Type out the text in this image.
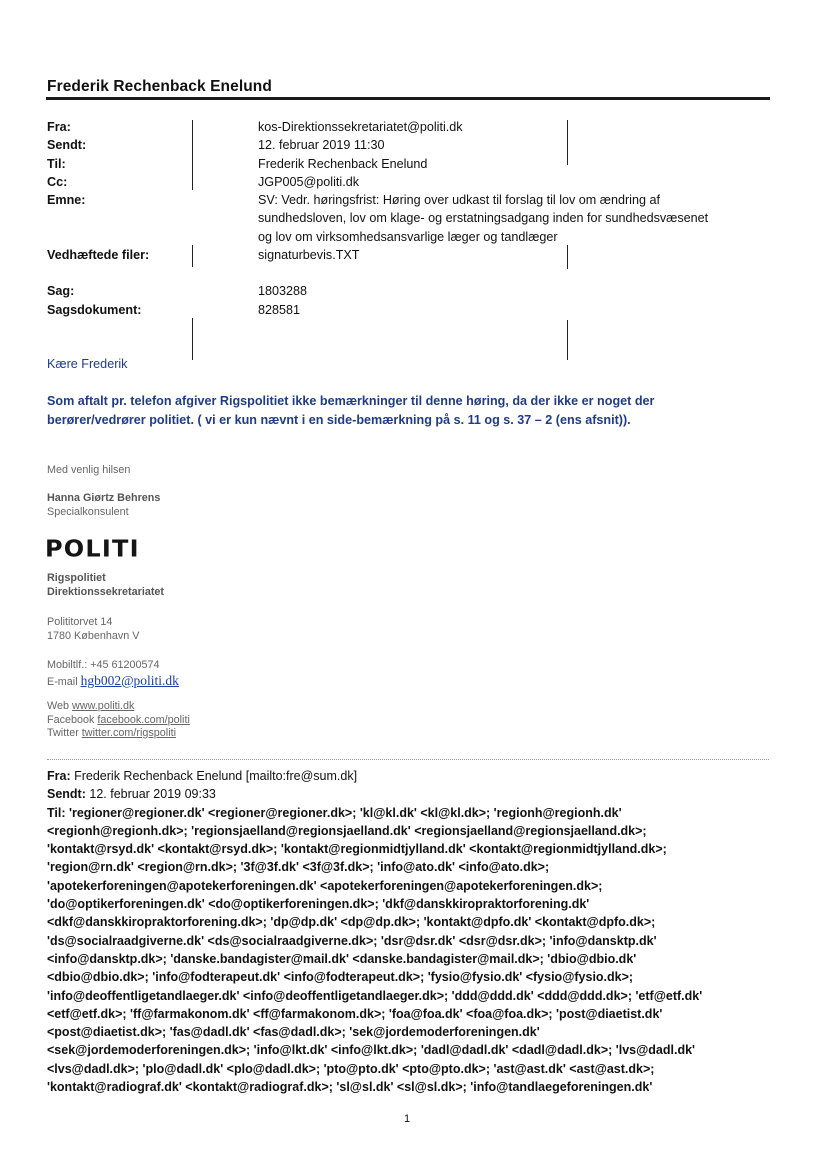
Frederik Rechenback Enelund
Fra:	kos-Direktionssekretariatet@politi.dk
Sendt:	12. februar 2019 11:30
Til:	Frederik Rechenback Enelund
Cc:	JGP005@politi.dk
Emne:	SV: Vedr. høringsfrist: Høring over udkast til forslag til lov om ændring af
sundhedsloven, lov om klage- og erstatningsadgang inden for sundhedsvæsenet
og lov om virksomhedsansvarlige læger og tandlæger
Vedhæftede filer:	signaturbevis.TXT
Sag:	1803288
Sagsdokument:	828581
Kære Frederik
Som aftalt pr. telefon afgiver Rigspolitiet ikke bemærkninger til denne høring, da der ikke er noget der
berører/vedrører politiet. ( vi er kun nævnt i en side-bemærkning på s. 11 og s. 37 – 2 (ens afsnit)).
Med venlig hilsen
Hanna Giørtz Behrens
Specialkonsulent
POLITI
Rigspolitiet
Direktionssekretariatet
Polititorvet 14
1780 København V
Mobiltlf.: +45 61200574
E-mail hgb002@politi.dk
Web www.politi.dk
Facebook facebook.com/politi
Twitter twitter.com/rigspoliti
Fra: Frederik Rechenback Enelund [mailto:fre@sum.dk]
Sendt: 12. februar 2019 09:33
Til: 'regioner@regioner.dk' <regioner@regioner.dk>; 'kl@kl.dk' <kl@kl.dk>; 'regionh@regionh.dk'
<regionh@regionh.dk>; 'regionsjaelland@regionsjaelland.dk' <regionsjaelland@regionsjaelland.dk>;
'kontakt@rsyd.dk' <kontakt@rsyd.dk>; 'kontakt@regionmidtjylland.dk' <kontakt@regionmidtjylland.dk>;
'region@rn.dk' <region@rn.dk>; '3f@3f.dk' <3f@3f.dk>; 'info@ato.dk' <info@ato.dk>;
'apotekerforeningen@apotekerforeningen.dk' <apotekerforeningen@apotekerforeningen.dk>;
'do@optikerforeningen.dk' <do@optikerforeningen.dk>; 'dkf@danskkiropraktorforening.dk'
<dkf@danskkiropraktorforening.dk>; 'dp@dp.dk' <dp@dp.dk>; 'kontakt@dpfo.dk' <kontakt@dpfo.dk>;
'ds@socialraadgiverne.dk' <ds@socialraadgiverne.dk>; 'dsr@dsr.dk' <dsr@dsr.dk>; 'info@dansktp.dk'
<info@dansktp.dk>; 'danske.bandagister@mail.dk' <danske.bandagister@mail.dk>; 'dbio@dbio.dk'
<dbio@dbio.dk>; 'info@fodterapeut.dk' <info@fodterapeut.dk>; 'fysio@fysio.dk' <fysio@fysio.dk>;
'info@deoffentligetandlaeger.dk' <info@deoffentligetandlaeger.dk>; 'ddd@ddd.dk' <ddd@ddd.dk>; 'etf@etf.dk'
<etf@etf.dk>; 'ff@farmakonom.dk' <ff@farmakonom.dk>; 'foa@foa.dk' <foa@foa.dk>; 'post@diaetist.dk'
<post@diaetist.dk>; 'fas@dadl.dk' <fas@dadl.dk>; 'sek@jordemoderforeningen.dk'
<sek@jordemoderforeningen.dk>; 'info@lkt.dk' <info@lkt.dk>; 'dadl@dadl.dk' <dadl@dadl.dk>; 'lvs@dadl.dk'
<lvs@dadl.dk>; 'plo@dadl.dk' <plo@dadl.dk>; 'pto@pto.dk' <pto@pto.dk>; 'ast@ast.dk' <ast@ast.dk>;
'kontakt@radiograf.dk' <kontakt@radiograf.dk>; 'sl@sl.dk' <sl@sl.dk>; 'info@tandlaegeforeningen.dk'
1
